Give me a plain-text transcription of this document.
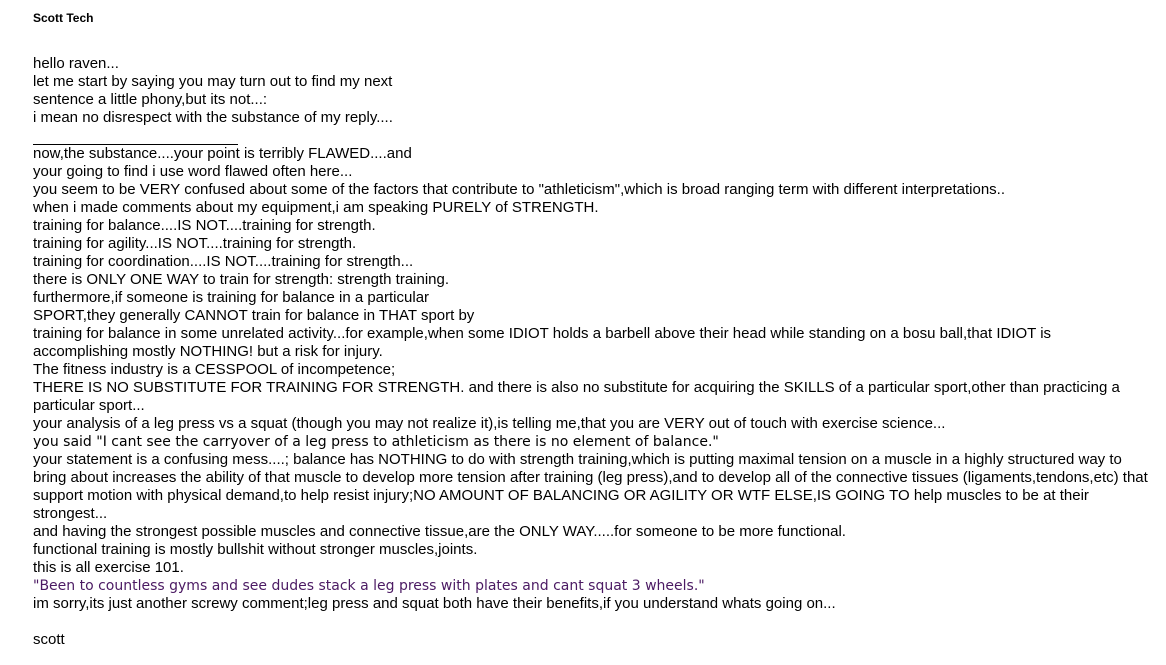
Scott Tech
hello raven...
let me start by saying you may turn out to find my next
sentence a little phony,but its not...:
i mean no disrespect with the substance of my reply....
now,the substance....your point is terribly FLAWED....and
your going to find i use word flawed often here...
you seem to be VERY confused about some of the factors that contribute to "athleticism",which is broad ranging term with different interpretations..
when i made comments about my equipment,i am speaking PURELY of STRENGTH.
training for balance....IS NOT....training for strength.
training for agility...IS NOT....training for strength.
training for coordination....IS NOT....training for strength...
there is ONLY ONE WAY to train for strength: strength training.
furthermore,if someone is training for balance in a particular
SPORT,they generally CANNOT train for balance in THAT sport by
training for balance in some unrelated activity...for example,when some IDIOT holds a barbell above their head while standing on a bosu ball,that IDIOT is accomplishing mostly NOTHING! but a risk for injury.
The fitness industry is a CESSPOOL of incompetence;
THERE IS NO SUBSTITUTE FOR TRAINING FOR STRENGTH. and there is also no substitute for acquiring the SKILLS of a particular sport,other than practicing a particular sport...
your analysis of a leg press vs a squat (though you may not realize it),is telling me,that you are VERY out of touch with exercise science...
you said "I cant see the carryover of a leg press to athleticism as there is no element of balance."
your statement is a confusing mess....; balance has NOTHING to do with strength training,which is putting maximal tension on a muscle in a highly structured way to bring about increases the ability of that muscle to develop more tension after training (leg press),and to develop all of the connective tissues (ligaments,tendons,etc) that support motion with physical demand,to help resist injury;NO AMOUNT OF BALANCING OR AGILITY OR WTF ELSE,IS GOING TO help muscles to be at their strongest...
and having the strongest possible muscles and connective tissue,are the ONLY WAY.....for someone to be more functional.
functional training is mostly bullshit without stronger muscles,joints.
this is all exercise 101.
"Been to countless gyms and see dudes stack a leg press with plates and cant squat 3 wheels."
im sorry,its just another screwy comment;leg press and squat both have their benefits,if you understand whats going on...
scott
